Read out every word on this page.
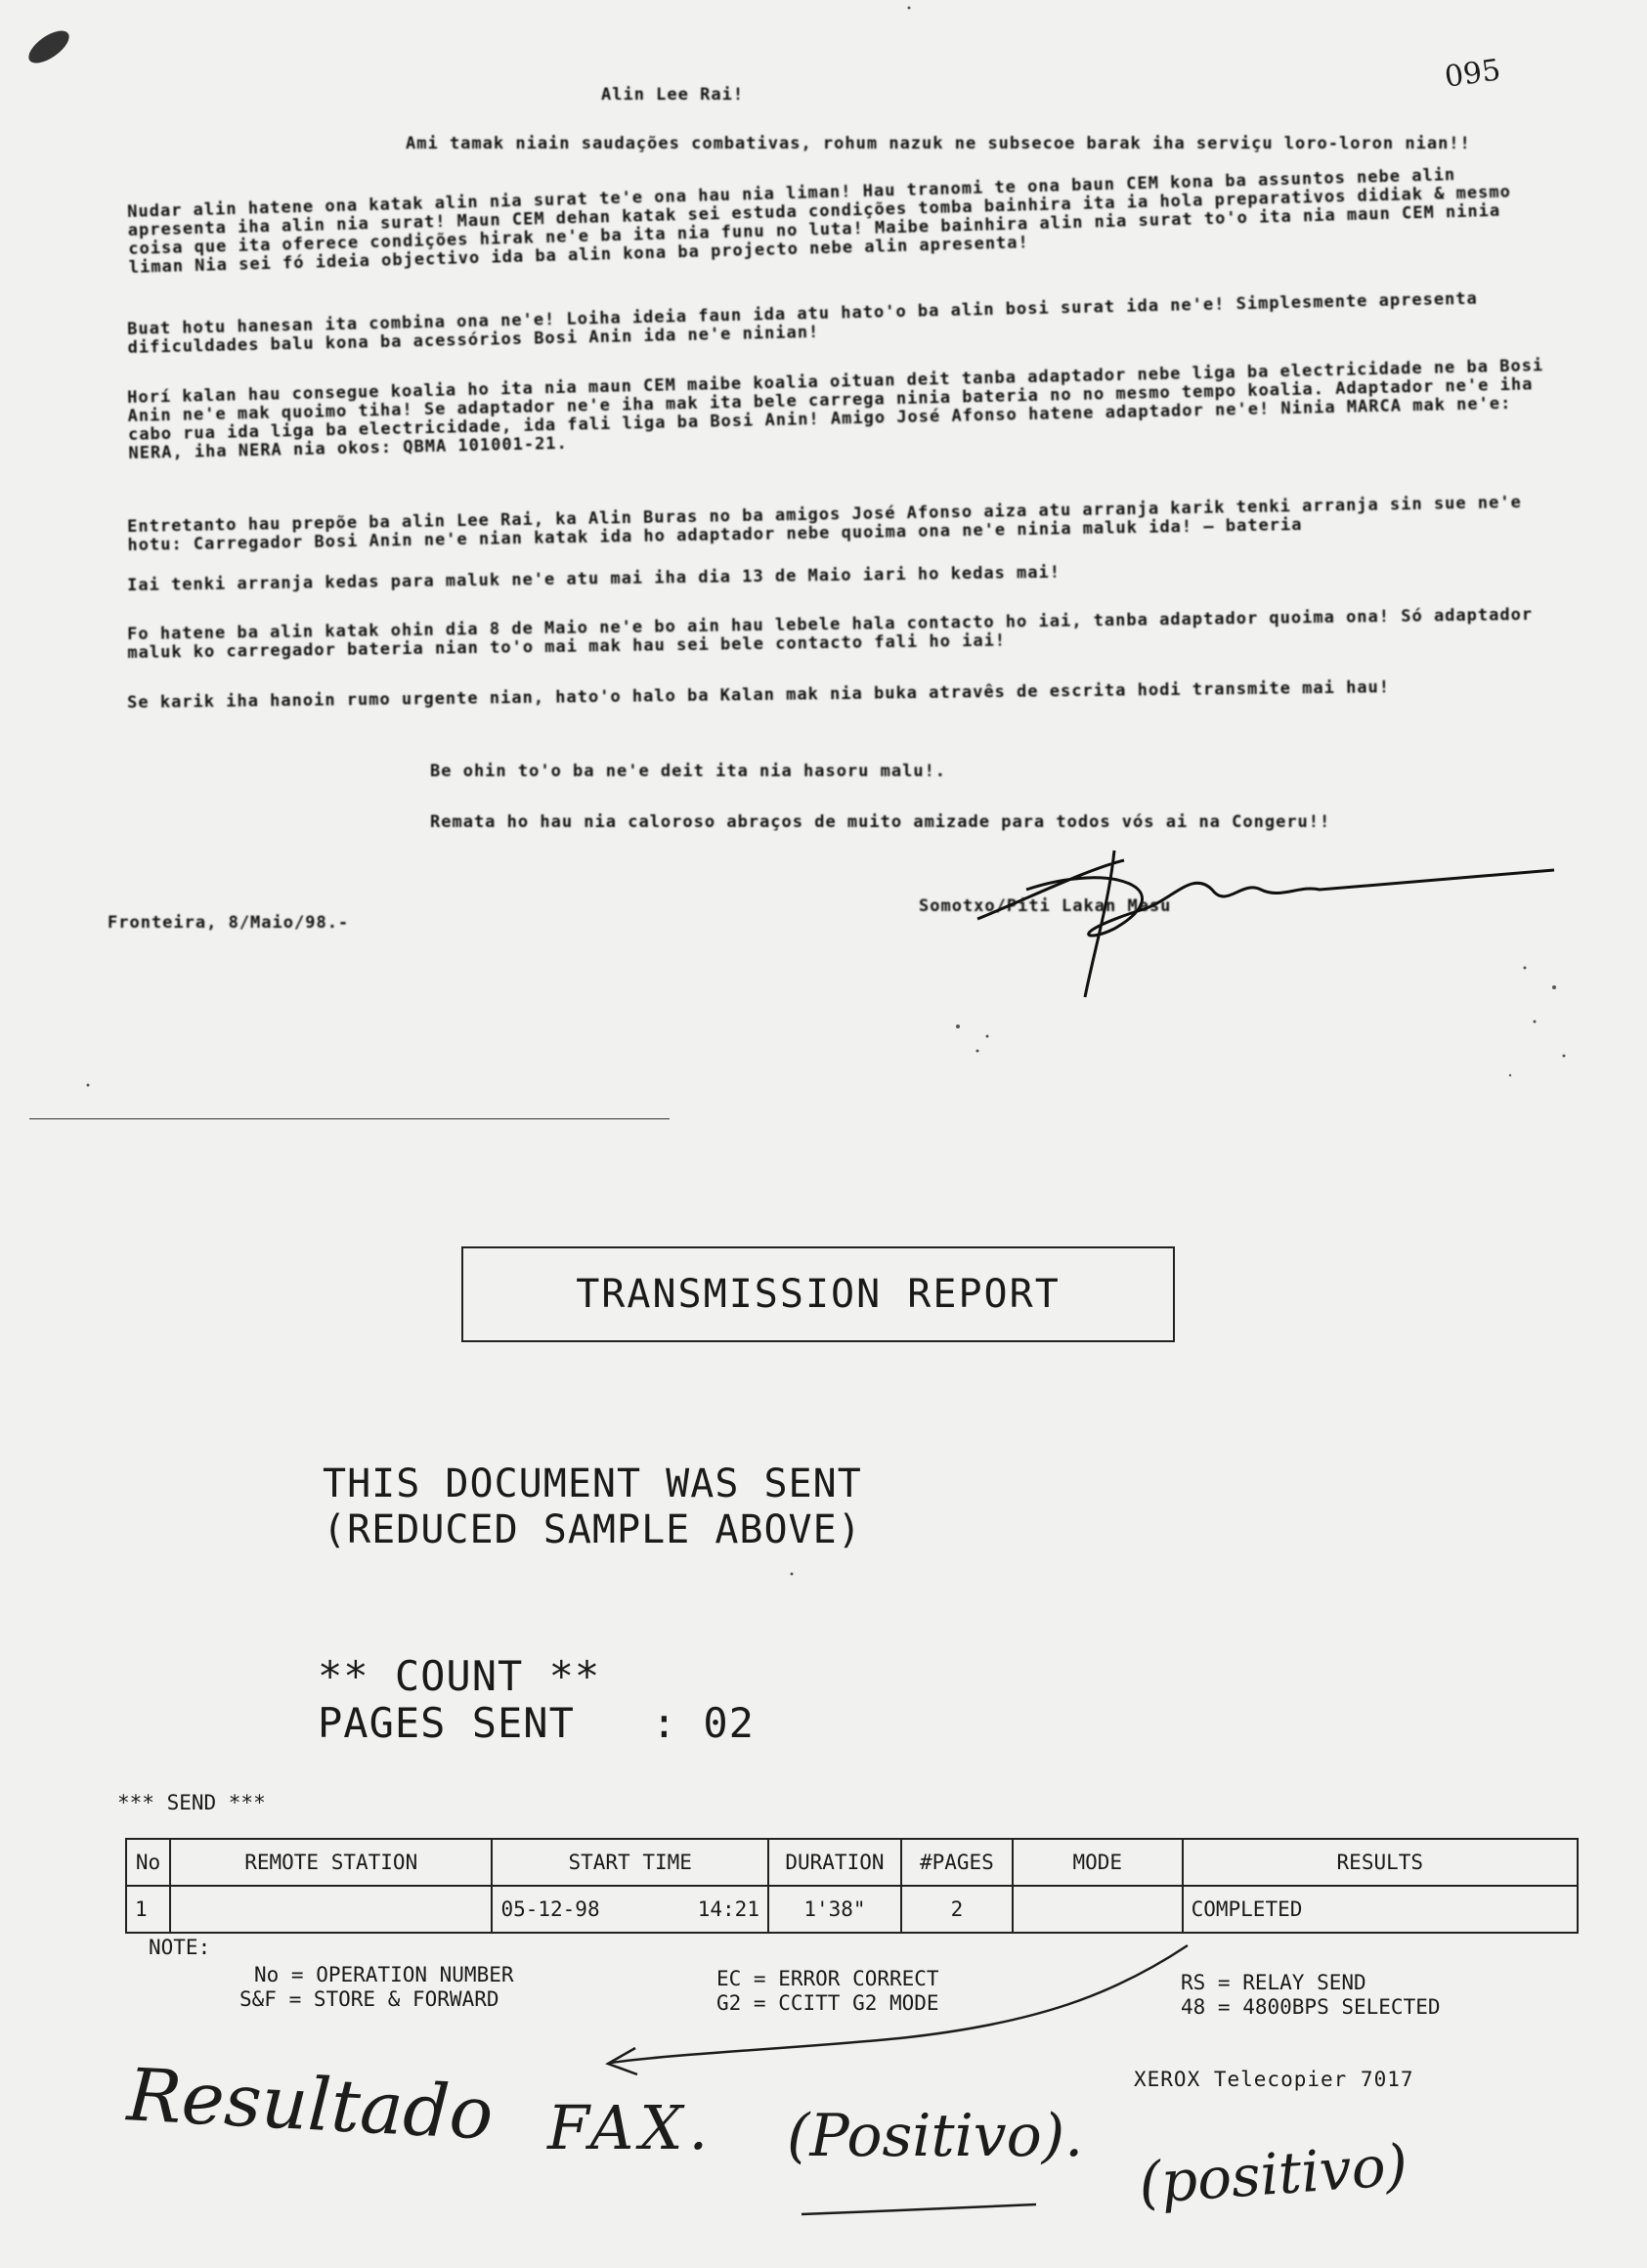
095
Alin Lee Rai!
Ami tamak niain saudações combativas, rohum nazuk ne subsecoe barak iha serviçu loro-loron nian!!
Nudar alin hatene ona katak alin nia surat te'e ona hau nia liman! Hau tranomi te ona baun CEM kona ba assuntos nebe alin apresenta iha alin nia surat! Maun CEM dehan katak sei estuda condições tomba bainhira ita ia hola preparativos didiak & mesmo coisa que ita oferece condições hirak ne'e ba ita nia funu no luta! Maibe bainhira alin nia surat to'o ita nia maun CEM ninia liman Nia sei fó ideia objectivo ida ba alin kona ba projecto nebe alin apresenta!
Buat hotu hanesan ita combina ona ne'e! Loiha ideia faun ida atu hato'o ba alin bosi surat ida ne'e! Simplesmente apresenta dificuldades balu kona ba acessórios Bosi Anin ida ne'e ninian!
Horí kalan hau consegue koalia ho ita nia maun CEM maibe koalia oituan deit tanba adaptador nebe liga ba electricidade ne ba Bosi Anin ne'e mak quoimo tiha! Se adaptador ne'e iha mak ita bele carrega ninia bateria no no mesmo tempo koalia. Adaptador ne'e iha cabo rua ida liga ba electricidade, ida fali liga ba Bosi Anin! Amigo José Afonso hatene adaptador ne'e! Ninia MARCA mak ne'e: NERA, iha NERA nia okos: QBMA 101001-21.
Entretanto hau prepõe ba alin Lee Rai, ka Alin Buras no ba amigos José Afonso aiza atu arranja karik tenki arranja sin sue ne'e hotu: Carregador Bosi Anin ne'e nian katak ida ho adaptador nebe quoima ona ne'e ninia maluk ida! — bateria
Iai tenki arranja kedas para maluk ne'e atu mai iha dia 13 de Maio iari ho kedas mai!
Fo hatene ba alin katak ohin dia 8 de Maio ne'e bo ain hau lebele hala contacto ho iai, tanba adaptador quoima ona! Só adaptador maluk ko carregador bateria nian to'o mai mak hau sei bele contacto fali ho iai!
Se karik iha hanoin rumo urgente nian, hato'o halo ba Kalan mak nia buka atravês de escrita hodi transmite mai hau!
Be ohin to'o ba ne'e deit ita nia hasoru malu!.
Remata ho hau nia caloroso abraços de muito amizade para todos vós ai na Congeru!!
Fronteira, 8/Maio/98.-
Somotxo/Piti Lakan Mesu
TRANSMISSION REPORT
THIS DOCUMENT WAS SENT
(REDUCED SAMPLE ABOVE)
** COUNT **
PAGES SENT   : 02
*** SEND ***
No	REMOTE STATION	START TIME	DURATION	#PAGES	MODE	RESULTS
1		05-12-98 14:21	1'38"	2		COMPLETED
NOTE:
No = OPERATION NUMBER
S&F = STORE & FORWARD
EC = ERROR CORRECT
G2 = CCITT G2 MODE
RS = RELAY SEND
48 = 4800BPS SELECTED
XEROX Telecopier 7017
Resultado FAX. (Positivo). (positivo)
